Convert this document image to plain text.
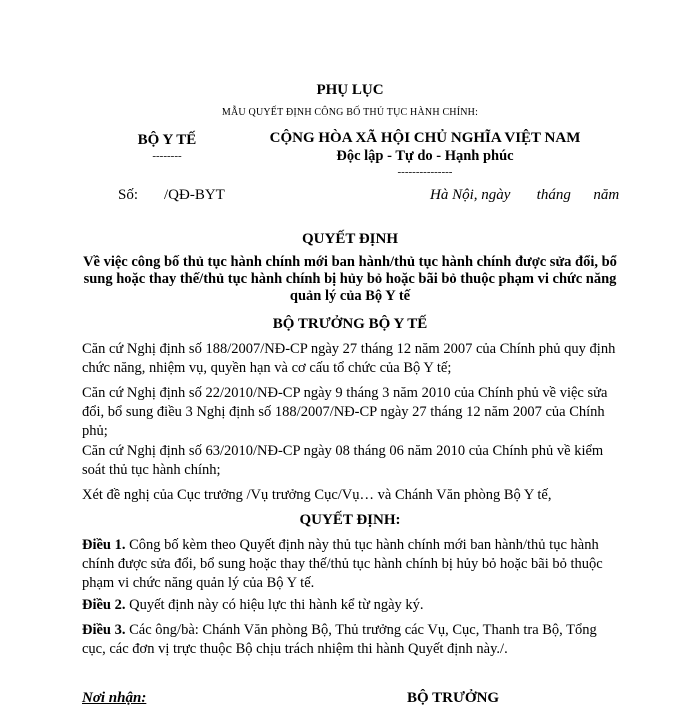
PHỤ LỤC
MẪU QUYẾT ĐỊNH CÔNG BỐ THỦ TỤC HÀNH CHÍNH:
BỘ Y TẾ
--------
CỘNG HÒA XÃ HỘI CHỦ NGHĨA VIỆT NAM
Độc lập - Tự do - Hạnh phúc
---------------
Số: /QĐ-BYT	Hà Nội, ngày       tháng      năm
QUYẾT ĐỊNH
Về việc công bố thủ tục hành chính mới ban hành/thủ tục hành chính được sửa đổi, bổ sung hoặc thay thế/thủ tục hành chính bị hủy bỏ hoặc bãi bỏ thuộc phạm vi chức năng quản lý của Bộ Y tế
BỘ TRƯỞNG BỘ Y TẾ
Căn cứ Nghị định số 188/2007/NĐ-CP ngày 27 tháng 12 năm 2007 của Chính phủ quy định chức năng, nhiệm vụ, quyền hạn và cơ cấu tổ chức của Bộ Y tế;
Căn cứ Nghị định số 22/2010/NĐ-CP ngày 9 tháng 3 năm 2010 của Chính phủ về việc sửa đổi, bổ sung điều 3 Nghị định số 188/2007/NĐ-CP ngày 27 tháng 12 năm 2007 của Chính phủ;
Căn cứ Nghị định số 63/2010/NĐ-CP ngày 08 tháng 06 năm 2010 của Chính phủ về kiểm soát thủ tục hành chính;
Xét đề nghị của Cục trưởng /Vụ trưởng Cục/Vụ… và Chánh Văn phòng Bộ Y tế,
QUYẾT ĐỊNH:
Điều 1. Công bố kèm theo Quyết định này thủ tục hành chính mới ban hành/thủ tục hành chính được sửa đổi, bổ sung hoặc thay thế/thủ tục hành chính bị hủy bỏ hoặc bãi bỏ thuộc phạm vi chức năng quản lý của Bộ Y tế.
Điều 2. Quyết định này có hiệu lực thi hành kể từ ngày ký.
Điều 3. Các ông/bà: Chánh Văn phòng Bộ, Thủ trưởng các Vụ, Cục, Thanh tra Bộ, Tổng cục, các đơn vị trực thuộc Bộ chịu trách nhiệm thi hành Quyết định này./.
Nơi nhận:	BỘ TRƯỞNG
